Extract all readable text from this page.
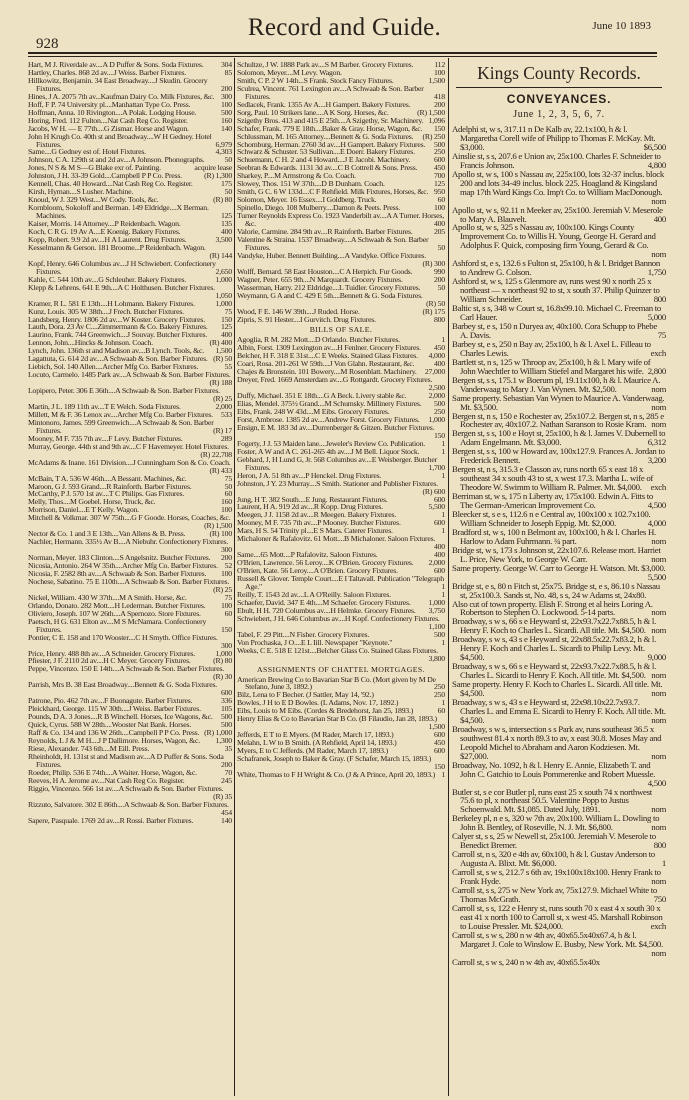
928
Record and Guide.	June 10 1893
Hart, M J. Riverdale av....A D Puffer & Sons. Soda Fixtures. 304
Hartley, Charles. 868 2d av....J Weiss. Barber Fixtures.	85
Hillkowitz, Benjamin. 34 East Broadway....J Skudin. Grocery Fixtures.	200
Hines, J A. 2075 7th av...Kaufman Dairy Co. Milk Fixtures, &c. 300
Hoff, F P. 74 University pl....Manhattan Type Co. Press.	100
Hoffman, Anna. 10 Rivington....A Polak. Lodging House.	500
Horing, Fred. 112 Fulton....Nat Cash Reg Co. Register.	160
Jacobs, W H. — E 77th....G Zismar. Horse and Wagon.	140
John H Krugh Co. 40th st and Broadway....W H Gedney. Hotel Fixtures.	6,979
Same....G Gedney est of. Hotel Fixtures.	4,303
Johnson, C A. 129th st and 2d av....A Johnson. Phonographs.	50
Jones, N S & M S—G Blake exr of. Painting.	acquire lease
Johnston, J H. 33-39 Gold....Campbell P P Co. Press.	(R) 1,300
Kennell, Chas. 40 Howard....Nat Cash Reg Co. Register.	175
Kirsh, Hyman....S Lusher. Machine.	50
Knoud, W J. 329 West....W Cody. Tools, &c.	(R) 80
Kornbloom, Sokoloff and Berman. 149 Eldridge....X Berman. Machines.	125
Kaiser, Morris. 14 Attorney....P Reidenbach. Wagon.	135
Koch, C R G. 19 Av A....E Koenig. Bakery Fixtures.	400
Kopp, Robert. 9.9 2d av....H A Laurent. Drug Fixtures.	3,500
Kesselmann & Gerson. 181 Broome...P Reidenbach. Wagon.
(R) 144
Kopf, Henry. 646 Columbus av....J H Schwiebert. Confectionery Fixtures.	2,650
Kahle, C. 544 10th av....G Schleuher. Bakery Fixtures.	1,000
Klepp & Lehrens. 641 E 9th....A C Holthusen. Butcher Fixtures.
1,050
Kramer, R L. 581 E 13th....H Lohmann. Bakery Fixtures.	1,000
Kunz, Louis. 305 W 38th....J Frech. Butcher Fixtures.	75
Landsberg, Henry. 1806 2d av....W Koster. Grocery Fixtures. 150
Lauth, Dora. 23 Av C....Zimmermann & Co. Bakery Fixtures. 125
Laurino, Frank. 744 Greenwich....J Souvay. Butcher Fixtures. 400
Lennon, John....Hincks & Johnson. Coach.	(R) 400
Lynch, John. 136th st and Madison av....B Lynch. Tools, &c. 1,500
Lagattuta, G. 614 2d av....A Schwaab & Son. Barber Fixtures. (R) 50
Liebich, Sol. 140 Allen....Archer Mfg Co. Barber Fixtures.	55
Locuto, Carmelo. 1485 Park av....A Schwaab & Son. Barber Fixtures.
(R) 188
Lopipero, Peter. 306 E 36th....A Schwaab & Son. Barber Fixtures.
(R) 25
Martin, J L. 189 11th av....T E Welch. Soda Fixtures.	2,000
Millett, M & F. 36 Lenox av....Archer Mfg Co. Barber Fixtures. 533
Mintonoro, James. 599 Greenwich....A Schwaab & Son. Barber Fixtures.	(R) 17
Mooney, M F. 735 7th av....F Levy. Butcher Fixtures.	289
Murray, George. 44th st and 9th av....C F Havemeyer. Hotel Fixtures.
(R) 22,708
McAdams & Inane. 161 Division....J Cunningham Son & Co. Coach.
(R) 433
McBain, T A. 536 W 46th....A Bessant. Machines, &c.	75
Maroon, G J. 593 Grand....R Rainforth. Barber Fixtures.	50
McCarthy, P J. 570 1st av....T C Philips. Gas Fixtures.	60
Melly, Thos....M Goebel. Horse, Truck, &c.	160
Morrison, Daniel....E T Kelly. Wagon.	100
Mitchell & Volkmar. 307 W 75th....G F Goode. Horses, Coaches, &c.
(R) 1,500
Nector & Co. 1 and 3 E 13th....Van Allens & B. Press.	(R) 100
Nachler, Hermann. 335½ Av B....A Niebuhr. Confectionery Fixtures.
300
Norman, Meyer. 183 Clinton....S Angelsnitz. Butcher Fixtures. 200
Nicosia, Antonio. 264 W 35th....Archer Mfg Co. Barber Fixtures. 52
Nicosia, F. 2582 8th av....A Schwaab & Son. Barber Fixtures. 100
Nochese, Sabatino. 75 E 110th....A Schwaab & Son. Barber Fixtures.
(R) 25
Nickel, William. 430 W 37th....M A Smith. Horse, &c.	75
Orlando, Donato. 282 Mott....H Lederman. Butcher Fixtures. 100
Oliviero, Joseph. 107 W 26th....A Spernozo. Store Fixtures.	60
Paetsch, H G. 631 Elton av....M S McNamara. Confectionery Fixtures.	150
Pontier, C E. 158 and 170 Wooster....C H Smyth. Office Fixtures.
300
Price, Henry. 488 8th av....A Schneider. Grocery Fixtures.	1,000
Pfiester, J F. 2110 2d av....H C Meyer. Grocery Fixtures.	(R) 80
Peppe, Vincenzo. 150 E 14th....A Schwaab & Son. Barber Fixtures.
(R) 30
Parrish, Mrs B. 38 East Broadway....Bennett & G. Soda Fixtures.
600
Patrone, Pio. 462 7th av....F Buonagute. Barber Fixtures.	336
Pleickhard, George. 115 W 30th....J Weiss. Barber Fixtures.	105
Pounds, D A. 3 Jones....R B Winchell. Horses, Ice Wagons, &c. 500
Quick, Cyrus. 588 W 28th....Wooster Nat Bank. Horses.	500
Raff & Co. 134 and 136 W 26th....Campbell P P Co. Press. (R) 1,000
Reynolds, L J & M H....J P Dallimore. Horses, Wagon, &c. 1,300
Riese, Alexander. 743 6th....M Eill. Press.	35
Rheinholdt, H. 131st st and Madison av....A D Puffer & Sons. Soda Fixtures.	200
Roeder, Philip. 536 E 74th....A Waiter. Horse, Wagon, &c.	70
Reeves, H A. Jerome av....Nat Cash Reg Co. Register.	245
Riggio, Vincenzo. 566 1st av....A Schwaab & Son. Barber Fixtures.
(R) 35
Rizzuto, Salvatore. 302 E 86th....A Schwaab & Son. Barber Fixtures.
454
Sapere, Pasquale. 1769 2d av....R Rossi. Barber Fixtures.	140
Schultze, J W. 1888 Park av....S M Barber. Grocery Fixtures.	112
Solomon, Meyer....M Levy. Wagon.	100
Smith, C P. 2 W 14th...S Frank. Stock Fancy Fixtures.	1,500
Sculrea, Vincent. 761 Lexington av....A Schwaab & Son. Barber Fixtures.	418
Sedlacek, Frank. 1355 Av A....H Gampert. Bakery Fixtures.	200
Sorg, Paul. 10 Strikers lane....A K Sorg. Horses, &c.	(R) 1,500
Szigethy Bros. 413 and 415 E 25th....A Szigethy, Sr. Machinery. 1,096
Schafer, Frank. 779 E 18th....Baker & Gray. Horse, Wagon, &c. 150
Schlussman, M. 165 Attorney....Bennett & G. Soda Fixtures. (R) 250
Schomburg, Herman. 2760 3d av....H Gampert. Bakery Fixtures. 500
Schwarz & Schuster. 53 Sullivan....E Doerr. Bakery Fixtures. 250
Schuemann, C H. 2 and 4 Howard....J E Jacobi. Machinery.	600
Seebran & Edwards. 1131 3d av....C B Cottrell & Sons. Press. 450
Sharkey, P....M Armstrong & Co. Coach.	700
Slowey, Thos. 151 W 37th....D B Dunham. Coach.	125
Smith, G C. 6 W 133d....C F Rehfield. Milk Fixtures, Horses, &c. 950
Solomon, Meyer. 16 Essex....I Goldberg. Truck.	60
Spinello, Diego. 108 Mulberry....Damon & Peets. Press.	100
Turner Reynolds Express Co. 1923 Vanderbilt av....A A Turner. Horses, &c.	400
Valorie, Carmine. 284 9th av....R Rainforth. Barber Fixtures.	205
Valentine & Straina. 1537 Broadway....A Schwaab & Son. Barber Fixtures.	50
Vandyke, Huber. Bennett Building....A Vandyke. Office Fixtures.
(R) 300
Wolff, Bernard. 58 East Houston....C A Herpich. Fur Goods.	990
Wagner, Peter. 655 9th....N Marquardt. Grocery Fixtures.	200
Wasserman, Harry. 212 Eldridge....L Tuidler. Grocery Fixtures. 50
Weymann, G A and C. 429 E 5th....Bennett & G. Soda Fixtures.
(R) 50
Wood, F E. 146 W 39th....J Ruded. Horse.	(R) 175
Zipris, S. 91 Hester....I Gurvitch. Drug Fixtures.	800
BILLS OF SALE.
Agoglia, R M. 282 Mott....D Orlando. Butcher Fixtures.	1
Albin, Forst. 1309 Lexington av....H Fenlner. Grocery Fixtures. 450
Belcher, H F. 318 E 31st....C E Weeks. Stained Glass Fixtures. 4,000
Coari, Rosa. 201-261 W 59th....J Von Glahn. Restaurant, &c.	400
Chajes & Bronstein. 101 Bowery....M Rosenblatt. Machinery. 27,000
Dreyer, Fred. 1669 Amsterdam av....G Rottgardt. Grocery Fixtures.
2,500
Duffy, Michael. 351 E 18th....G A Beck. Livery stable &c.	2,000
Elias, Mendel. 375½ Grand....M Schumsky. Millinery Fixtures. 500
Eibs, Frank. 248 W 43d....M Eibs. Grocery Fixtures.	250
Forst, Ambrose. 1385 2d av....Andrew Forst. Grocery Fixtures. 1,000
Ensign, E M. 183 3d av....Durrenberger & Gitzen. Butcher Fixtures.
150
Fogerty, J J. 53 Maiden lane....Jeweler's Review Co. Publication. 1
Foster, A W and A C. 261-265 4th av....J M Bell. Liquor Stock.	1
Gebhard, J, H Lund G, Jr. 568 Columbus av....E Weisberger. Butcher Fixtures.	1,700
Heron, J A. 51 8th av....P Henckel. Drug Fixtures.	1
Johnston, J Y. 23 Murray....S Smith. Stationer and Publisher Fixtures.
(R) 600
Jung, H T. 382 South....E Jung. Restaurant Fixtures.	600
Laurent, H A. 919 2d av....R Kopp. Drug Fixtures.	5,500
Meegen, J J. 1158 2d av....R Meegen. Bakery Fixtures.	1
Mooney, M F. 735 7th av....P Mooney. Butcher Fixtures.	600
Mars, H S. 54 Trinity pl....E S Mars. Caterer Fixtures.	1
Michaloner & Rafalovitz. 61 Mott....B Michaloner. Saloon Fixtures.
400
Same....65 Mott....P Rafalovitz. Saloon Fixtures.	400
O'Brien, Lawrence. 56 Leroy....K O'Brien. Grocery Fixtures. 2,000
O'Brien, Kate. 56 Leroy....A O'Brien. Grocery Fixtures.	600
Russell & Glover. Temple Court....E I Taltavall. Publication "Telegraph Age."	1
Reilly, T. 1543 2d av....L A O'Reilly. Saloon Fixtures.	1
Schaefer, David. 347 E 4th....M Schaefer. Grocery Fixtures. 1,000
Ebult, H H. 720 Columbus av....H Helmke. Grocery Fixtures. 3,750
Schwiebert, J H. 646 Columbus av....H Kopf. Confectionery Fixtures.
1,100
Tabel, F. 29 Pitt....N Fisher. Grocery Fixtures.	500
Von Prochaska, J O....E L Iill. Newspaper "Keynote."	1
Weeks, C E. 518 E 121st....Belcher Glass Co. Stained Glass Fixtures.
3,800
ASSIGNMENTS OF CHATTEL MORTGAGES.
American Brewing Co to Bavarian Star B Co. (Mort given by M De Stefano, June 3, 1892.)	250
Bilz, Lena to F Becher. (J Sattler, May 14, '92.)	250
Bowles, J H to E D Bowles. (L Adams, Nov. 17, 1892.)	1
Eibs, Louis to M Eibs. (Cordes & Bredehorst, Jan 25, 1893.)	60
Henry Elias & Co to Bavarian Star B Co. (B Filaudio, Jan 28, 1893.)
1,500
Jefferds, E T to E Myers. (M Rader, March 17, 1893.)	600
Melahn, L W to B Smith. (A Rehfield, April 14, 1893.)	450
Myers, E to C Jefferds. (M Rader, March 17, 1893.)	600
Schafranek, Joseph to Baker & Gray. (F Schafer, March 15, 1893.)
150
White, Thomas to F H Wright & Co. (J & A Prince, April 20, 1893.) 1
Kings County Records.
CONVEYANCES.
June 1, 2, 3, 5, 6, 7.
Adelphi st, w s, 317.11 n De Kalb av, 22.1x100, h & l. Margaretha Corell wife of Philipp to Thomas F. McKay. Mt. $3,000.	$6,500
Ainslie st, s s, 207.6 e Union av, 25x100. Charles F. Schneider to Francis Johnson.	4,800
Apollo st, w s, 100 s Nassau av, 225x100, lots 32-37 inclus. block 200 and lots 34-49 inclus. block 225. Hoagland & Kingsland map 17th Ward Kings Co. Imp't Co. to William MacDonough.
nom
Apollo st, w s, 92.11 n Meeker av, 25x100. Jeremiah V. Meserole to Mary A. Blauvelt.	400
Apollo st, w s, 325 s Nassau av, 100x100. Kings County Improvement Co. to Willis H. Young, George H. Gerard and Adolphus F. Quick, composing firm Young, Gerard & Co.
nom
Ashford st, e s, 132.6 s Fulton st, 25x100, h & l. Bridget Bannon to Andrew G. Colson.	1,750
Ashford st, w s, 125 s Glenmore av, runs west 90 x north 25 x northeast — x northeast 92 to st, x south 37. Philip Quinzer to William Schneider.	800
Baltic st, s s, 348 w Court st, 16.8x99.10. Michael C. Freeman to Carl Hauer.	5,000
Barbey st, e s, 150 n Duryea av, 40x100. Cora Schupp to Phebe A. Davis.	75
Barbey st, e s, 250 n Bay av, 25x100, h & l. Axel L. Filleau to Charles Lewis.	exch
Bartlett st, n s, 125 w Throop av, 25x100, h & l. Mary wife of John Waechtler to William Stiefel and Margaret his wife. 2,800
Bergen st, s s, 175.1 w Boerum pl, 19.11x100, h & l. Maurice A. Vanderwaag to Mary J. Van Wynen. Mt. $2,500.	nom
Same property. Sebastian Van Wynen to Maurice A. Vanderwaag. Mt. $3,500.	nom
Bergen st, n s, 150 e Rochester av, 25x107.2. Bergen st, n s, 285 e Rochester av, 40x107.2. Nathan Saranson to Rosie Kram. nom
Bergen st, s s, 100 e Hoyt st, 25x100, h & l. James V. Dubernell to Adam Engelmann. Mt. $3,000.	6,312
Bergen st, s s, 100 w Howard av, 100x127.9. Frances A. Jordan to Frederick Bennett.	3,200
Bergen st, n s, 315.3 e Classon av, runs north 65 x east 18 x southeast 34 x south 43 to st, x west 17.3. Martha L. wife of Theodore W. Swimm to William R. Palmer. Mt. $4,000. exch
Berriman st, w s, 175 n Liberty av, 175x100. Edwin A. Fitts to The German-American Improvement Co.	4,500
Bleecker st, s e s, 112.6 n e Central av, 100x100 x 102.7x100. William Schneider to Joseph Eppig. Mt. $2,000.	4,000
Bradford st, w s, 100 n Belmont av, 100x100, h & l. Charles H. Harlow to Adam Fuhrmann. ¾ part.	nom
Bridge st, w s, 173 s Johnson st, 22x107.6. Release mort. Harriet L. Price, New York, to George W. Carr.	nom
Same property. George W. Carr to George H. Watson. Mt. $3,000.
5,500
Bridge st, e s, 80 n Fitch st, 25x75. Bridge st, e s, 86.10 s Nassau st, 25x100.3. Sands st, No. 48, s s, 24 w Adams st, 24x80.
Also cut of town property. Elish F. Strong et al heirs Loring A. Robertson to Stephen O. Lockwood. 5-14 parts.	nom
Broadway, s w s, 66 s e Heyward st, 22x93.7x22.7x88.5, h & l. Henry F. Koch to Charles L. Sicardi. All title. Mt. $4,500. nom
Broadway, s w s, 43 s e Heyward st, 22x88.5x22.7x83.2, h & l. Henry F. Koch and Charles L. Sicardi to Philip Levy. Mt. $4,500.	9,000
Broadway, s w s, 66 s e Heyward st, 22x93.7x22.7x88.5, h & l. Charles L. Sicardi to Henry F. Koch. All title. Mt. $4,500. nom
Same property. Henry F. Koch to Charles L. Sicardi. All title. Mt. $4,500.	nom
Broadway, s w s, 43 s e Heyward st, 22x98.10x22.7x93.7. Charles L. and Emma E. Sicardi to Henry F. Koch. All title. Mt. $4,500.	nom
Broadway, s w s, intersection s s Park av, runs southeast 36.5 x southwest 81.4 x north 89.3 to av, x east 30.8. Moses May and Leopold Michel to Abraham and Aaron Kodziesen. Mt. $27,000.	nom
Broadway, No. 1092, h & l. Henry E. Annie, Elizabeth T. and John C. Gatchio to Louis Pommerenke and Robert Muessle.
4,500
Butler st, s e cor Butler pl, runs east 25 x south 74 x northwest 75.6 to pl, x northeast 50.5. Valentine Popp to Justus Schoenwald. Mt. $1,085. Dated July, 1891.	nom
Berkeley pl, n e s, 320 w 7th av, 20x100. William L. Dowling to John B. Bentley, of Roseville, N. J. Mt. $6,800.	nom
Calyer st, s s, 25 w Newell st, 25x100. Jeremiah V. Meserole to Benedict Bremer.	800
Carroll st, n s, 320 e 4th av, 60x100, h & l. Gustav Anderson to Augusta A. Blixt. Mt. $6,000.	1
Carroll st, s w s, 212.7 s 6th av, 19x100x18x100. Henry Frank to Frank Hyde.	nom
Carroll st, s s, 275 w New York av, 75x127.9. Michael White to Thomas McGrath.	750
Carroll st, s s, 122 e Henry st, runs south 70 x east 4 x south 30 x east 41 x north 100 to Carroll st, x west 45. Marshall Robinson to Louise Pressler. Mt. $24,000.	exch
Carroll st, s w s, 280 n w 4th av, 40x65.5x40x67.4, h & l. Margaret J. Cole to Winslow E. Busby, New York. Mt. $4,500.
nom
Carroll st, s w s, 240 n w 4th av, 40x65.5x40x
